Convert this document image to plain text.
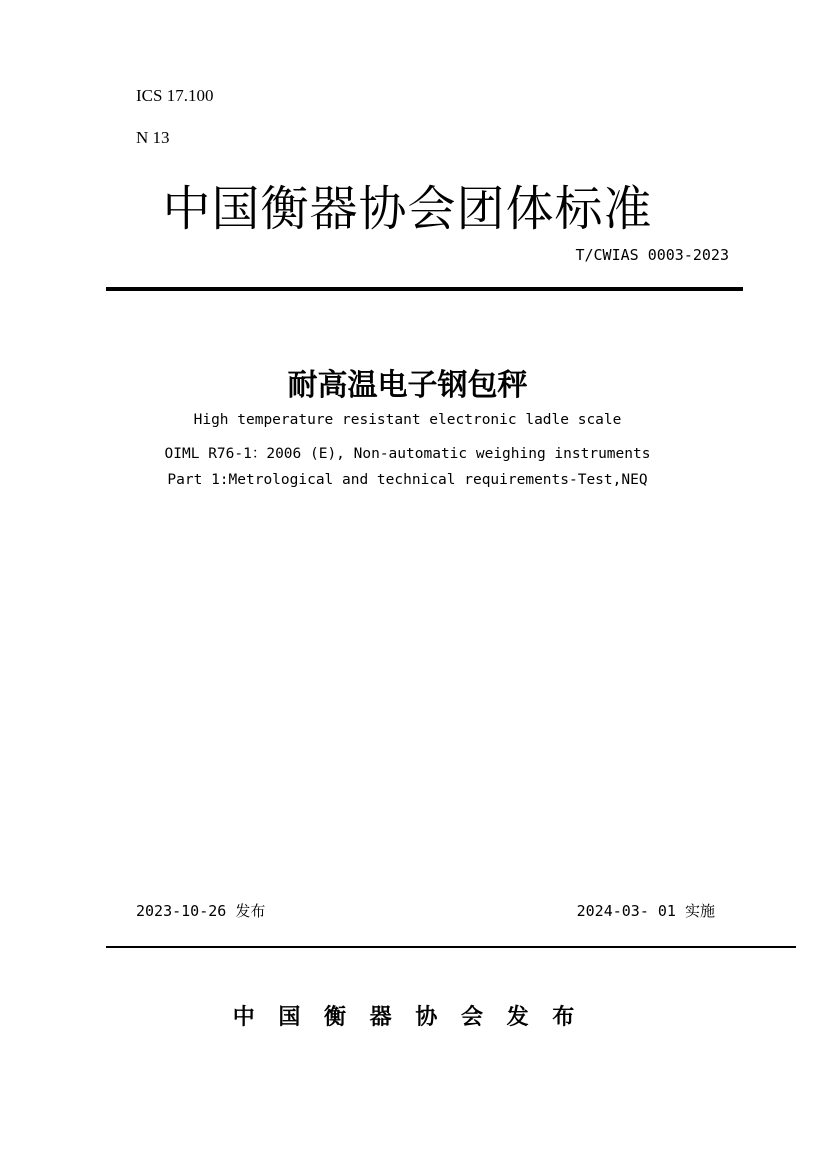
ICS 17.100

N 13

中国衡器协会团体标准

T/CWIAS 0003-2023

耐高温电子钢包秤

High temperature resistant electronic ladle scale

OIML R76-1：2006 (E), Non-automatic weighing instruments

Part 1:Metrological and technical requirements-Test,NEQ

2023-10-26 发布	2024-03- 01 实施

中 国 衡 器 协 会 发 布
